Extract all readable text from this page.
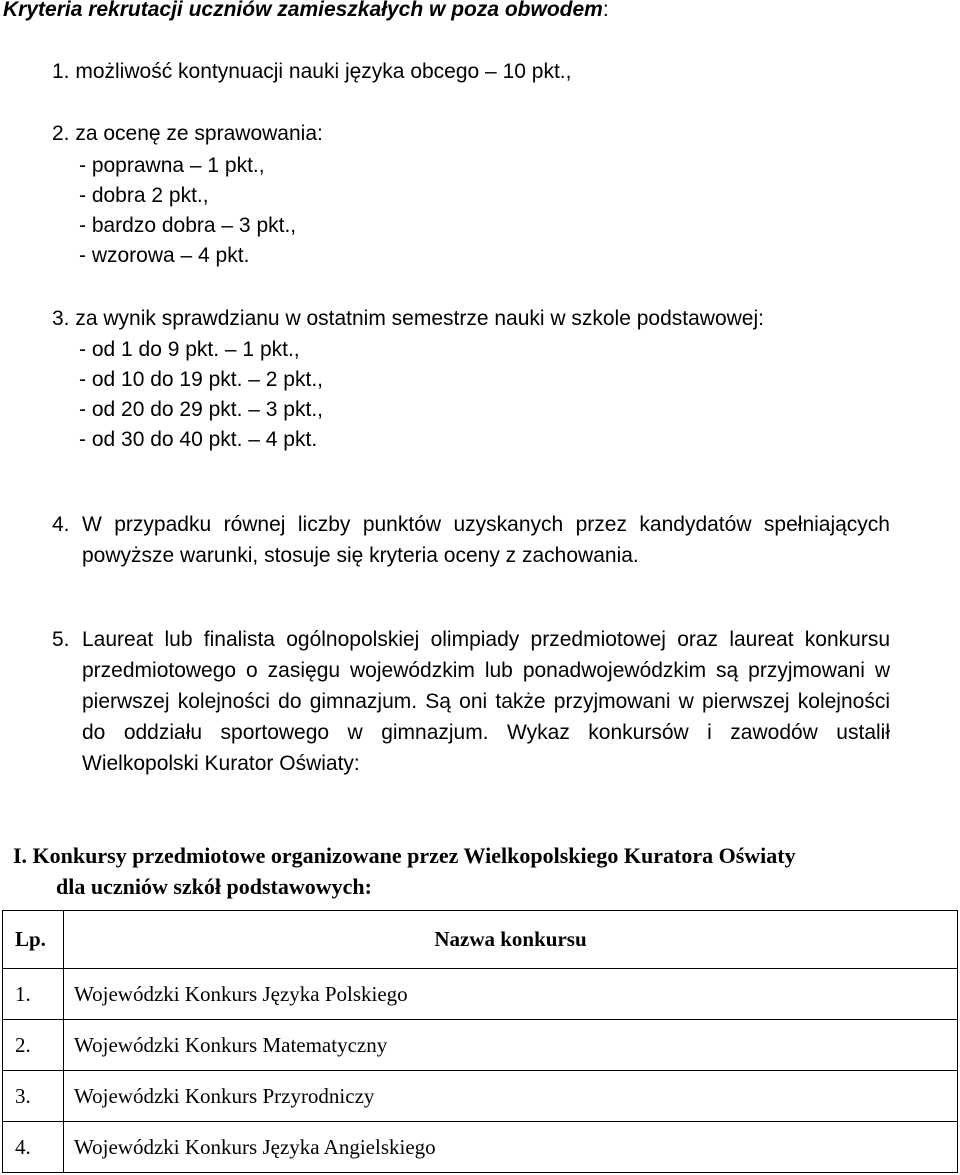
Kryteria rekrutacji uczniów zamieszkałych w poza obwodem:
1. możliwość kontynuacji nauki języka obcego – 10 pkt.,
2. za ocenę ze sprawowania:
- poprawna – 1 pkt.,
- dobra 2 pkt.,
- bardzo dobra – 3 pkt.,
- wzorowa – 4 pkt.
3. za wynik sprawdzianu w ostatnim semestrze nauki w szkole podstawowej:
- od 1 do 9 pkt. – 1 pkt.,
- od 10 do 19 pkt. – 2 pkt.,
- od 20 do 29 pkt. – 3 pkt.,
- od 30 do 40 pkt. – 4 pkt.
4. W przypadku równej liczby punktów uzyskanych przez kandydatów spełniających powyższe warunki, stosuje się kryteria oceny z zachowania.
5. Laureat lub finalista ogólnopolskiej olimpiady przedmiotowej oraz laureat konkursu przedmiotowego o zasięgu wojewódzkim lub ponadwojewódzkim są przyjmowani w pierwszej kolejności do gimnazjum. Są oni także przyjmowani w pierwszej kolejności do oddziału sportowego w gimnazjum. Wykaz konkursów i zawodów ustalił Wielkopolski Kurator Oświaty:
I. Konkursy przedmiotowe organizowane przez Wielkopolskiego Kuratora Oświaty
dla uczniów szkół podstawowych:
Lp.	Nazwa konkursu
1.	Wojewódzki Konkurs Języka Polskiego
2.	Wojewódzki Konkurs Matematyczny
3.	Wojewódzki Konkurs Przyrodniczy
4.	Wojewódzki Konkurs Języka Angielskiego
